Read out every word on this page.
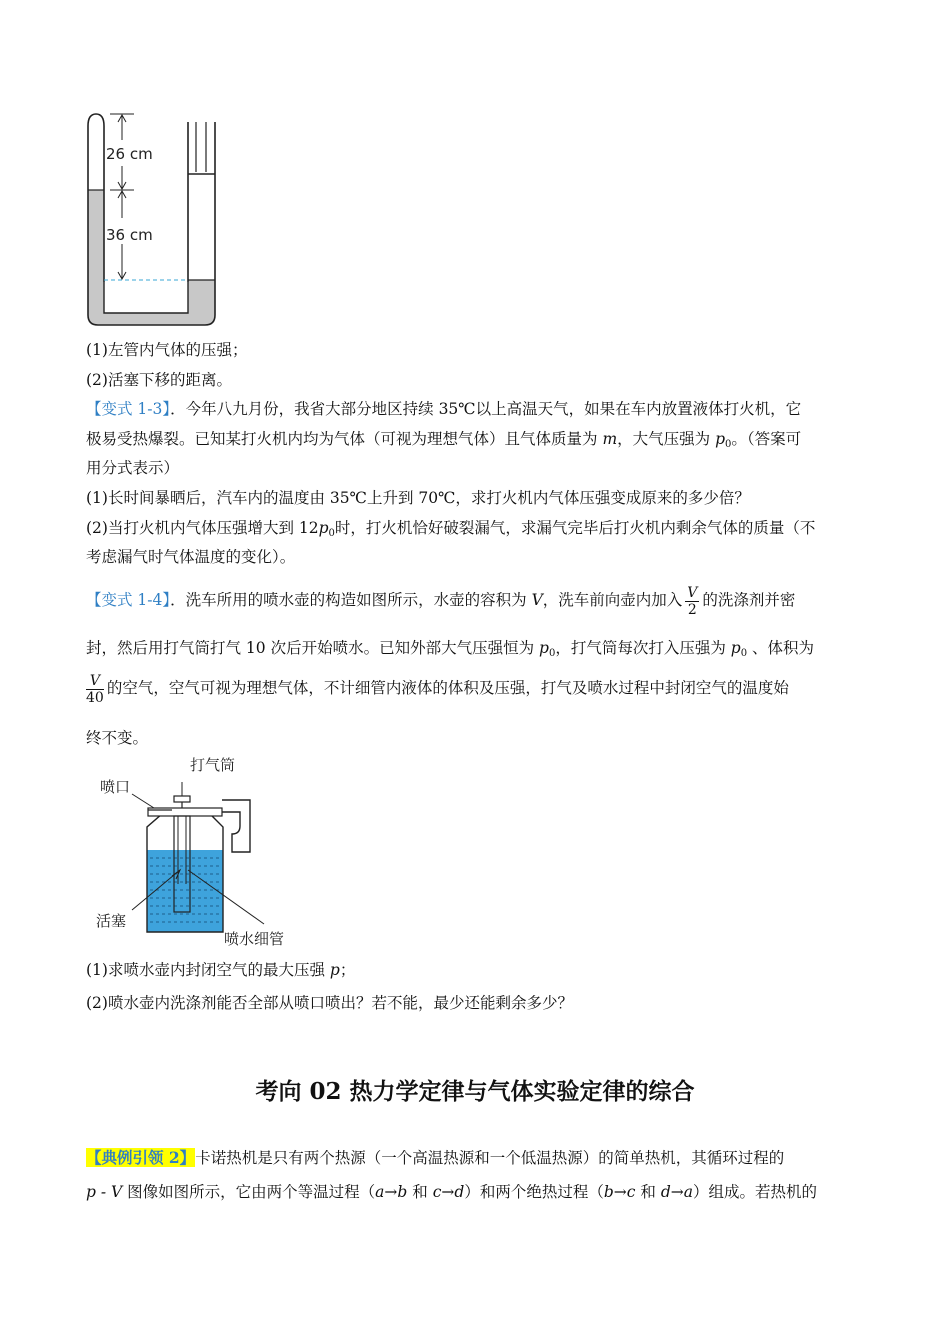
26 cm
36 cm
(1)左管内气体的压强；
(2)活塞下移的距离。
【变式 1-3】．今年八九月份，我省大部分地区持续 35℃以上高温天气，如果在车内放置液体打火机，它
极易受热爆裂。已知某打火机内均为气体（可视为理想气体）且气体质量为 m，大气压强为 $p_0$。（答案可
用分式表示）
(1)长时间暴晒后，汽车内的温度由 35℃上升到 70℃，求打火机内气体压强变成原来的多少倍？
(2)当打火机内气体压强增大到 $12p_0$时，打火机恰好破裂漏气，求漏气完毕后打火机内剩余气体的质量（不
考虑漏气时气体温度的变化）。
【变式 1-4】．洗车所用的喷水壶的构造如图所示，水壶的容积为 V，洗车前向壶内加入 $\frac{V}{2}$ 的洗涤剂并密
封，然后用打气筒打气 10 次后开始喷水。已知外部大气压强恒为 $p_0$，打气筒每次打入压强为 $p_0$ 、体积为
$\frac{V}{40}$ 的空气，空气可视为理想气体，不计细管内液体的体积及压强，打气及喷水过程中封闭空气的温度始
终不变。
打气筒
喷口
活塞
喷水细管
(1)求喷水壶内封闭空气的最大压强 p；
(2)喷水壶内洗涤剂能否全部从喷口喷出？若不能，最少还能剩余多少？
考向 02 热力学定律与气体实验定律的综合
【典例引领 2】卡诺热机是只有两个热源（一个高温热源和一个低温热源）的简单热机，其循环过程的
p - V 图像如图所示，它由两个等温过程（a→b 和 c→d）和两个绝热过程（b→c 和 d→a）组成。若热机的
